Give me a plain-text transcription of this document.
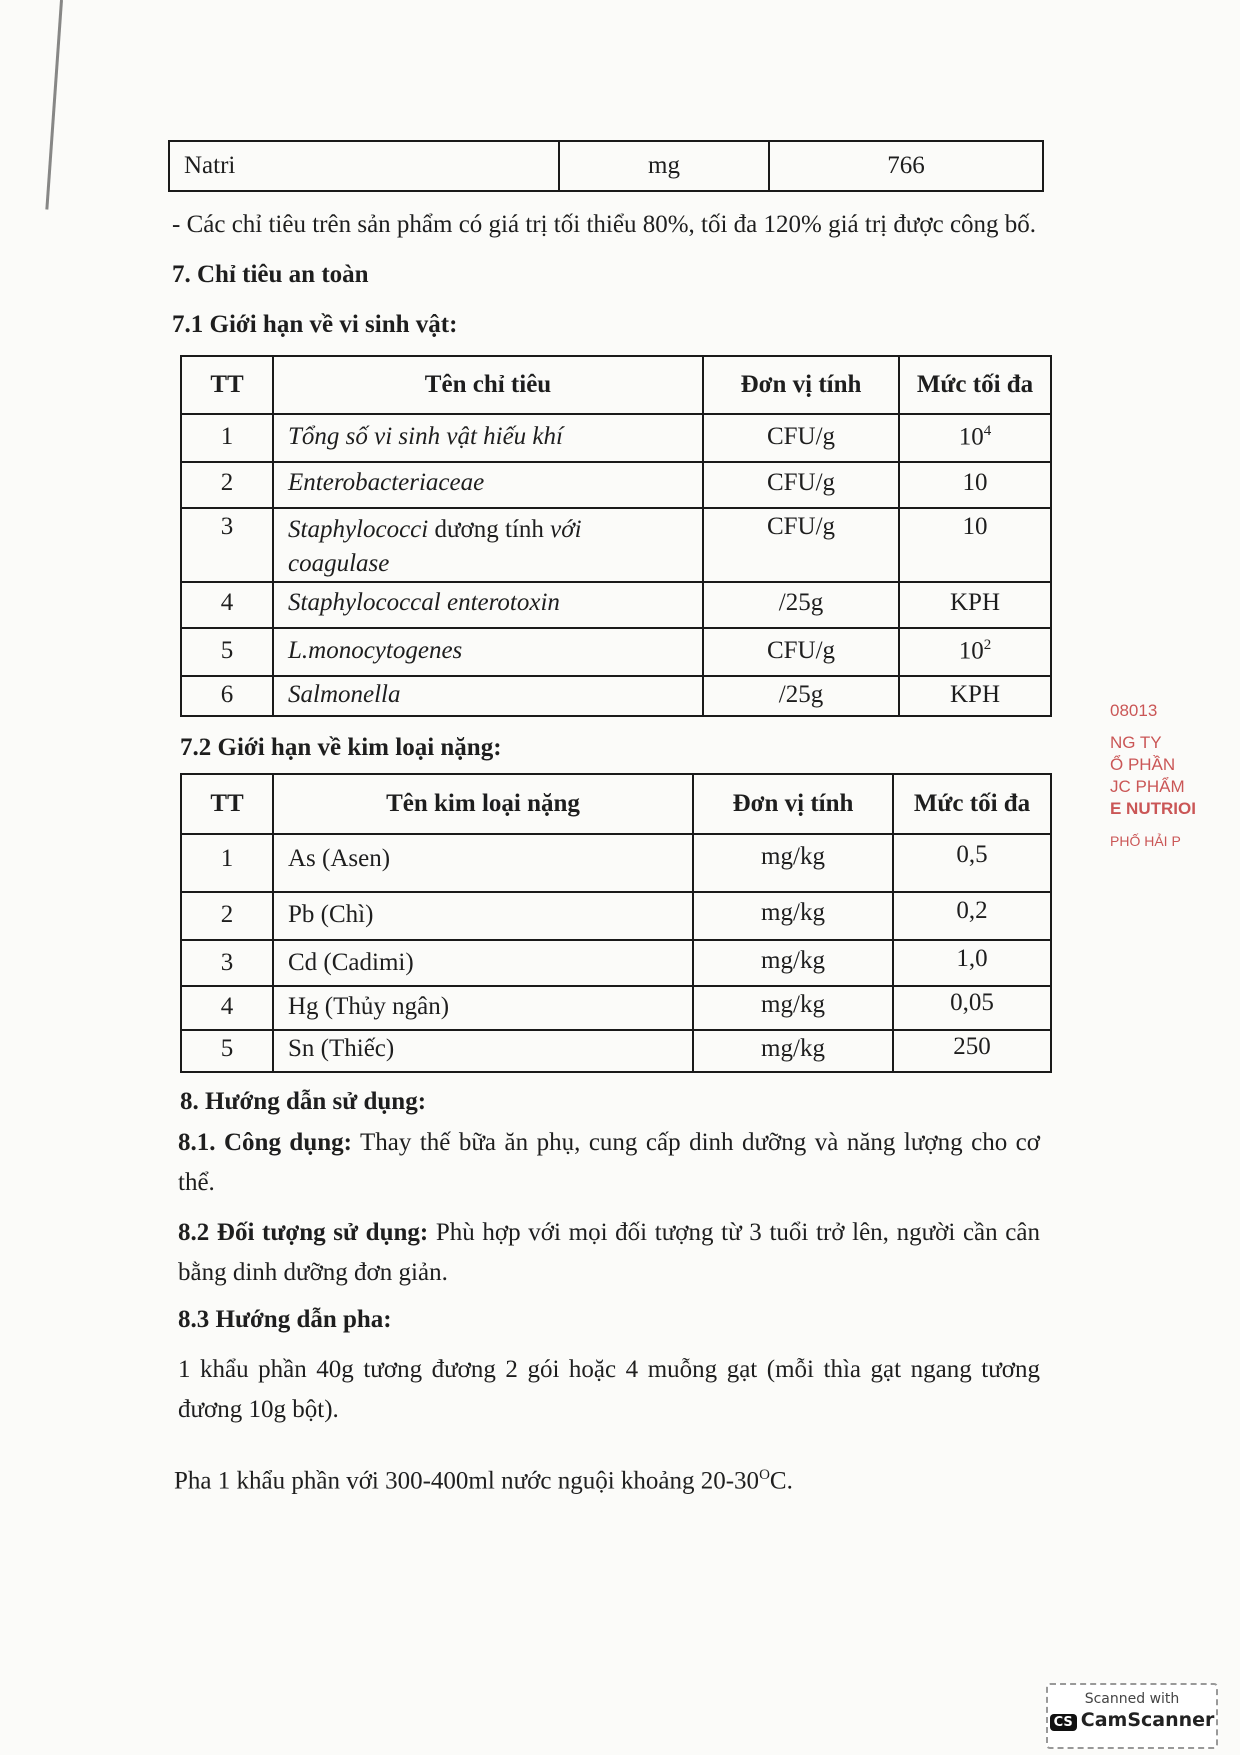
Natri	mg	766
- Các chỉ tiêu trên sản phẩm có giá trị tối thiểu 80%, tối đa 120% giá trị được công bố.
7. Chỉ tiêu an toàn
7.1 Giới hạn về vi sinh vật:
TT	Tên chỉ tiêu	Đơn vị tính	Mức tối đa
1	Tổng số vi sinh vật hiếu khí	CFU/g	$10^4$
2	Enterobacteriaceae	CFU/g	10
3	Staphylococci dương tính với
coagulase	CFU/g	10
4	Staphylococcal enterotoxin	/25g	KPH
5	L.monocytogenes	CFU/g	$10^2$
6	Salmonella	/25g	KPH
7.2 Giới hạn về kim loại nặng:
TT	Tên kim loại nặng	Đơn vị tính	Mức tối đa
1	As (Asen)	mg/kg	0,5
2	Pb (Chì)	mg/kg	0,2
3	Cd (Cadimi)	mg/kg	1,0
4	Hg (Thủy ngân)	mg/kg	0,05
5	Sn (Thiếc)	mg/kg	250
8. Hướng dẫn sử dụng:
8.1. Công dụng: Thay thế bữa ăn phụ, cung cấp dinh dưỡng và năng lượng cho cơ thể.
8.2 Đối tượng sử dụng: Phù hợp với mọi đối tượng từ 3 tuổi trở lên, người cần cân bằng dinh dưỡng đơn giản.
8.3 Hướng dẫn pha:
1 khẩu phần 40g tương đương 2 gói hoặc 4 muỗng gạt (mỗi thìa gạt ngang tương đương 10g bột).
Pha 1 khẩu phần với 300-400ml nước nguội khoảng $20-30^OC$.
08013
NG TY
Ổ PHẦN
JC PHẨM
E NUTRIOI
PHỐ HẢI P
Scanned with
CS CamScanner
